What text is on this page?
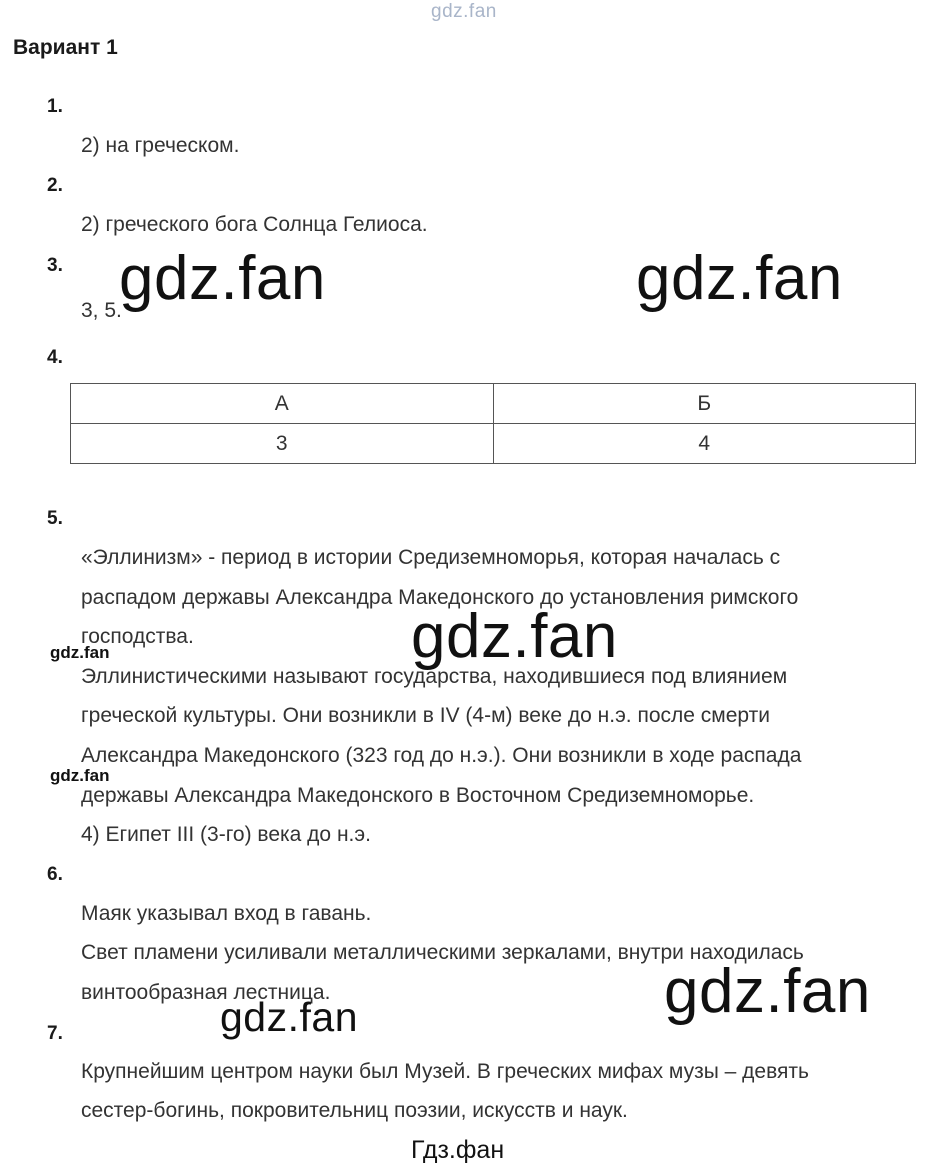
gdz.fan
Вариант 1
1.
2) на греческом.
2.
2) греческого бога Солнца Гелиоса.
3.
3, 5.
4.
А	Б
3	4
5.
«Эллинизм» - период в истории Средиземноморья, которая началась с
распадом державы Александра Македонского до установления римского
господства.
Эллинистическими называют государства, находившиеся под влиянием
греческой культуры. Они возникли в IV (4-м) веке до н.э. после смерти
Александра Македонского (323 год до н.э.). Они возникли в ходе распада
державы Александра Македонского в Восточном Средиземноморье.
4) Египет III (3-го) века до н.э.
6.
Маяк указывал вход в гавань.
Свет пламени усиливали металлическими зеркалами, внутри находилась
винтообразная лестница.
7.
Крупнейшим центром науки был Музей. В греческих мифах музы – девять
сестер-богинь, покровительниц поэзии, искусств и наук.
gdz.fan	gdz.fan
gdz.fan
gdz.fan
gdz.fan
gdz.fan
gdz.fan
Гдз.фан
